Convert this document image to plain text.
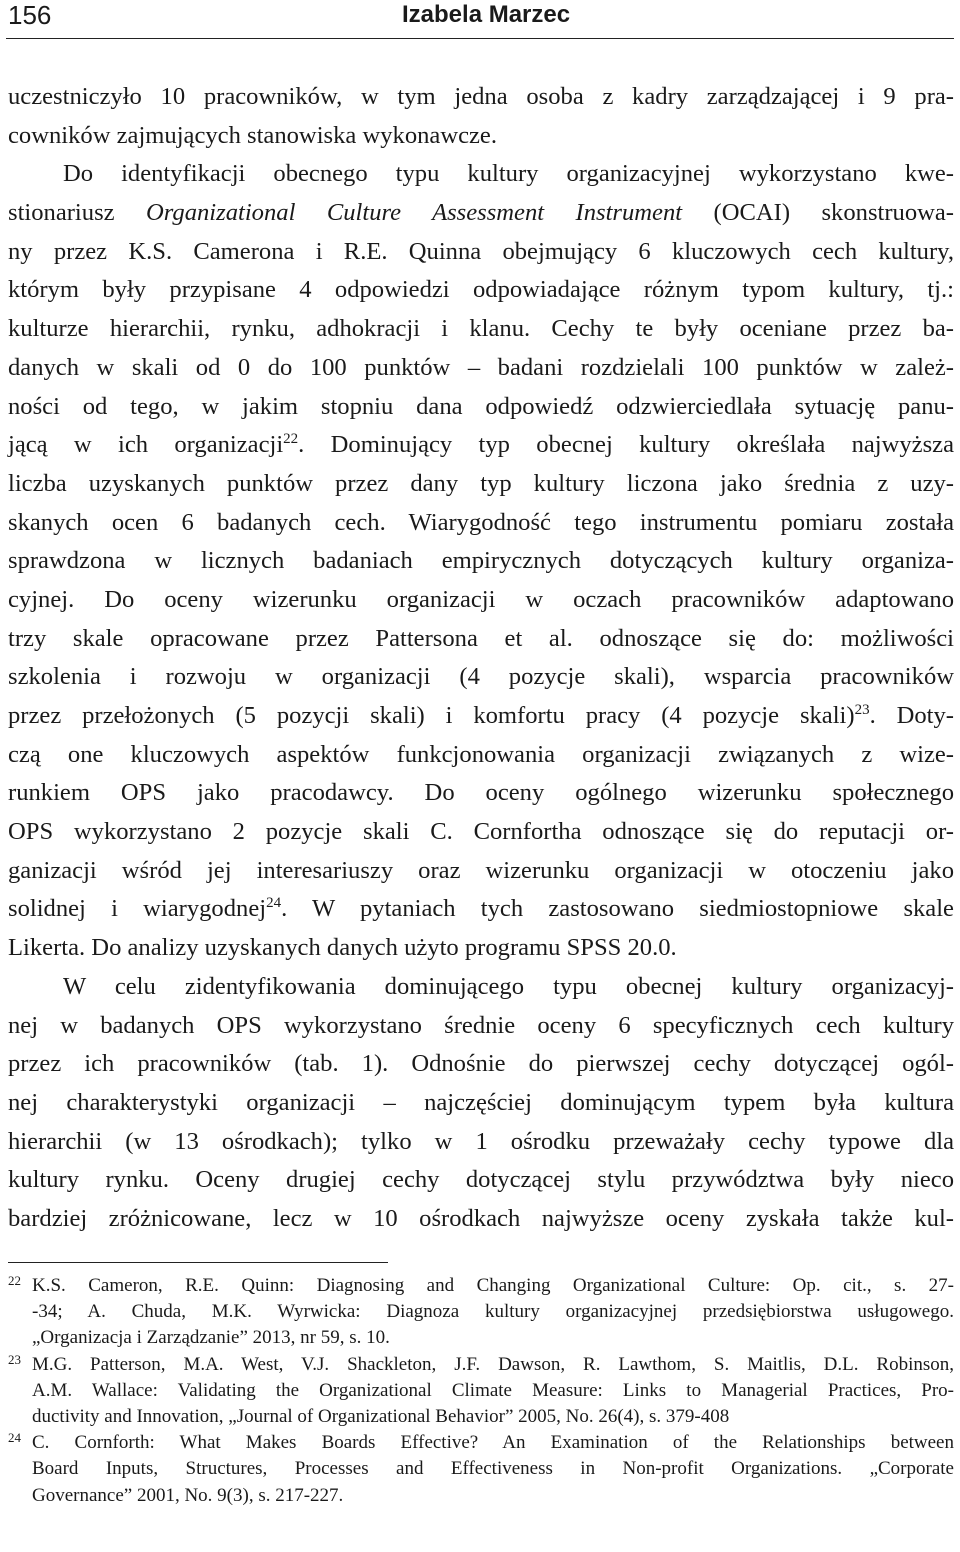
156	Izabela Marzec
uczestniczyło 10 pracowników, w tym jedna osoba z kadry zarządzającej i 9 pra-
cowników zajmujących stanowiska wykonawcze.
Do identyfikacji obecnego typu kultury organizacyjnej wykorzystano kwe-
stionariusz Organizational Culture Assessment Instrument (OCAI) skonstruowa-
ny przez K.S. Camerona i R.E. Quinna obejmujący 6 kluczowych cech kultury,
którym były przypisane 4 odpowiedzi odpowiadające różnym typom kultury, tj.:
kulturze hierarchii, rynku, adhokracji i klanu. Cechy te były oceniane przez ba-
danych w skali od 0 do 100 punktów – badani rozdzielali 100 punktów w zależ-
ności od tego, w jakim stopniu dana odpowiedź odzwierciedlała sytuację panu-
jącą w ich organizacji$^{22}$. Dominujący typ obecnej kultury określała najwyższa
liczba uzyskanych punktów przez dany typ kultury liczona jako średnia z uzy-
skanych ocen 6 badanych cech. Wiarygodność tego instrumentu pomiaru została
sprawdzona w licznych badaniach empirycznych dotyczących kultury organiza-
cyjnej. Do oceny wizerunku organizacji w oczach pracowników adaptowano
trzy skale opracowane przez Pattersona et al. odnoszące się do: możliwości
szkolenia i rozwoju w organizacji (4 pozycje skali), wsparcia pracowników
przez przełożonych (5 pozycji skali) i komfortu pracy (4 pozycje skali)$^{23}$. Doty-
czą one kluczowych aspektów funkcjonowania organizacji związanych z wize-
runkiem OPS jako pracodawcy. Do oceny ogólnego wizerunku społecznego
OPS wykorzystano 2 pozycje skali C. Cornfortha odnoszące się do reputacji or-
ganizacji wśród jej interesariuszy oraz wizerunku organizacji w otoczeniu jako
solidnej i wiarygodnej$^{24}$. W pytaniach tych zastosowano siedmiostopniowe skale
Likerta. Do analizy uzyskanych danych użyto programu SPSS 20.0.
W celu zidentyfikowania dominującego typu obecnej kultury organizacyj-
nej w badanych OPS wykorzystano średnie oceny 6 specyficznych cech kultury
przez ich pracowników (tab. 1). Odnośnie do pierwszej cechy dotyczącej ogól-
nej charakterystyki organizacji – najczęściej dominującym typem była kultura
hierarchii (w 13 ośrodkach); tylko w 1 ośrodku przeważały cechy typowe dla
kultury rynku. Oceny drugiej cechy dotyczącej stylu przywództwa były nieco
bardziej zróżnicowane, lecz w 10 ośrodkach najwyższe oceny zyskała także kul-
22 K.S. Cameron, R.E. Quinn: Diagnosing and Changing Organizational Culture: Op. cit., s. 27-
-34; A. Chuda, M.K. Wyrwicka: Diagnoza kultury organizacyjnej przedsiębiorstwa usługowego.
„Organizacja i Zarządzanie” 2013, nr 59, s. 10.
23 M.G. Patterson, M.A. West, V.J. Shackleton, J.F. Dawson, R. Lawthom, S. Maitlis, D.L. Robinson,
A.M. Wallace: Validating the Organizational Climate Measure: Links to Managerial Practices, Pro-
ductivity and Innovation, „Journal of Organizational Behavior” 2005, No. 26(4), s. 379-408
24 C. Cornforth: What Makes Boards Effective? An Examination of the Relationships between
Board Inputs, Structures, Processes and Effectiveness in Non-profit Organizations. „Corporate
Governance” 2001, No. 9(3), s. 217-227.
